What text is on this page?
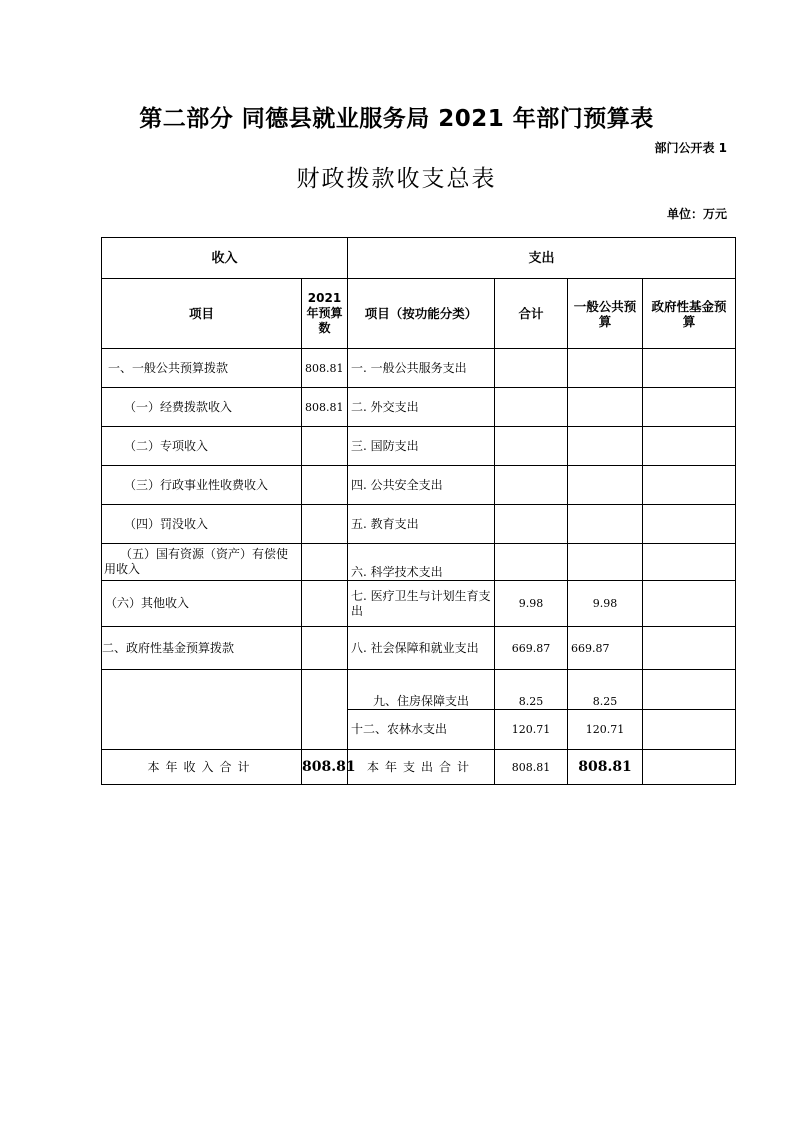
第二部分 同德县就业服务局 2021 年部门预算表
部门公开表 1
财政拨款收支总表
单位：万元
收入		支出			
项目	2021 年预算数	项目（按功能分类）	合计	一般公共预算	政府性基金预算
一、一般公共预算拨款	808.81	一. 一般公共服务支出			
（一）经费拨款收入	808.81	二. 外交支出			
（二）专项收入		三. 国防支出			
（三）行政事业性收费收入		四. 公共安全支出			
（四）罚没收入		五. 教育支出			
（五）国有资源（资产）有偿使用收入		六. 科学技术支出			
（六）其他收入		七. 医疗卫生与计划生育支出	9.98	9.98	
二、政府性基金预算拨款		八. 社会保障和就业支出	669.87	669.87	
		九、住房保障支出	8.25	8.25	
		十二、农林水支出	120.71	120.71	
本年收入合计	808.81	本年支出合计	808.81	808.81	
